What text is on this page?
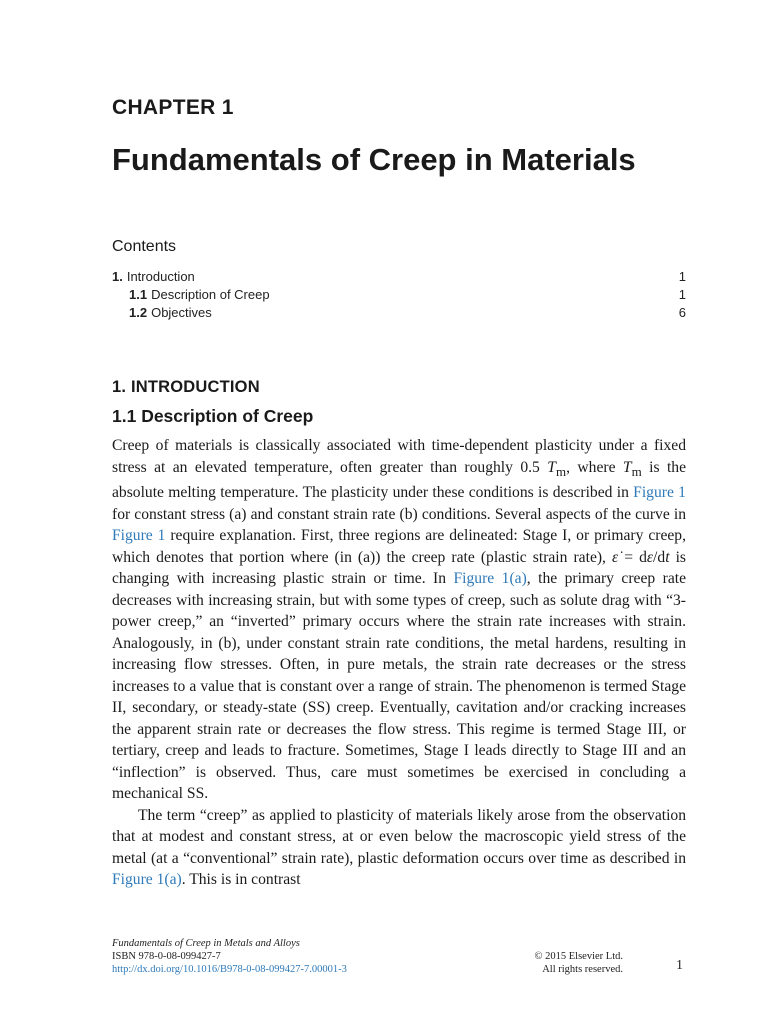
CHAPTER 1
Fundamentals of Creep in Materials
Contents
1. Introduction	1
1.1 Description of Creep	1
1.2 Objectives	6
1. INTRODUCTION
1.1 Description of Creep

Creep of materials is classically associated with time-dependent plasticity under a fixed stress at an elevated temperature, often greater than roughly 0.5 $T_m$, where $T_m$ is the absolute melting temperature. The plasticity under these conditions is described in Figure 1 for constant stress (a) and constant strain rate (b) conditions. Several aspects of the curve in Figure 1 require explanation. First, three regions are delineated: Stage I, or primary creep, which denotes that portion where (in (a)) the creep rate (plastic strain rate), ε̇ = dε/dt is changing with increasing plastic strain or time. In Figure 1(a), the primary creep rate decreases with increasing strain, but with some types of creep, such as solute drag with “3-power creep,” an “inverted” primary occurs where the strain rate increases with strain. Analogously, in (b), under constant strain rate conditions, the metal hardens, resulting in increasing flow stresses. Often, in pure metals, the strain rate decreases or the stress increases to a value that is constant over a range of strain. The phenomenon is termed Stage II, secondary, or steady-state (SS) creep. Eventually, cavitation and/or cracking increases the apparent strain rate or decreases the flow stress. This regime is termed Stage III, or tertiary, creep and leads to fracture. Sometimes, Stage I leads directly to Stage III and an “inflection” is observed. Thus, care must sometimes be exercised in concluding a mechanical SS.

The term “creep” as applied to plasticity of materials likely arose from the observation that at modest and constant stress, at or even below the macroscopic yield stress of the metal (at a “conventional” strain rate), plastic deformation occurs over time as described in Figure 1(a). This is in contrast

Fundamentals of Creep in Metals and Alloys
ISBN 978-0-08-099427-7
http://dx.doi.org/10.1016/B978-0-08-099427-7.00001-3
© 2015 Elsevier Ltd.
All rights reserved.	1
